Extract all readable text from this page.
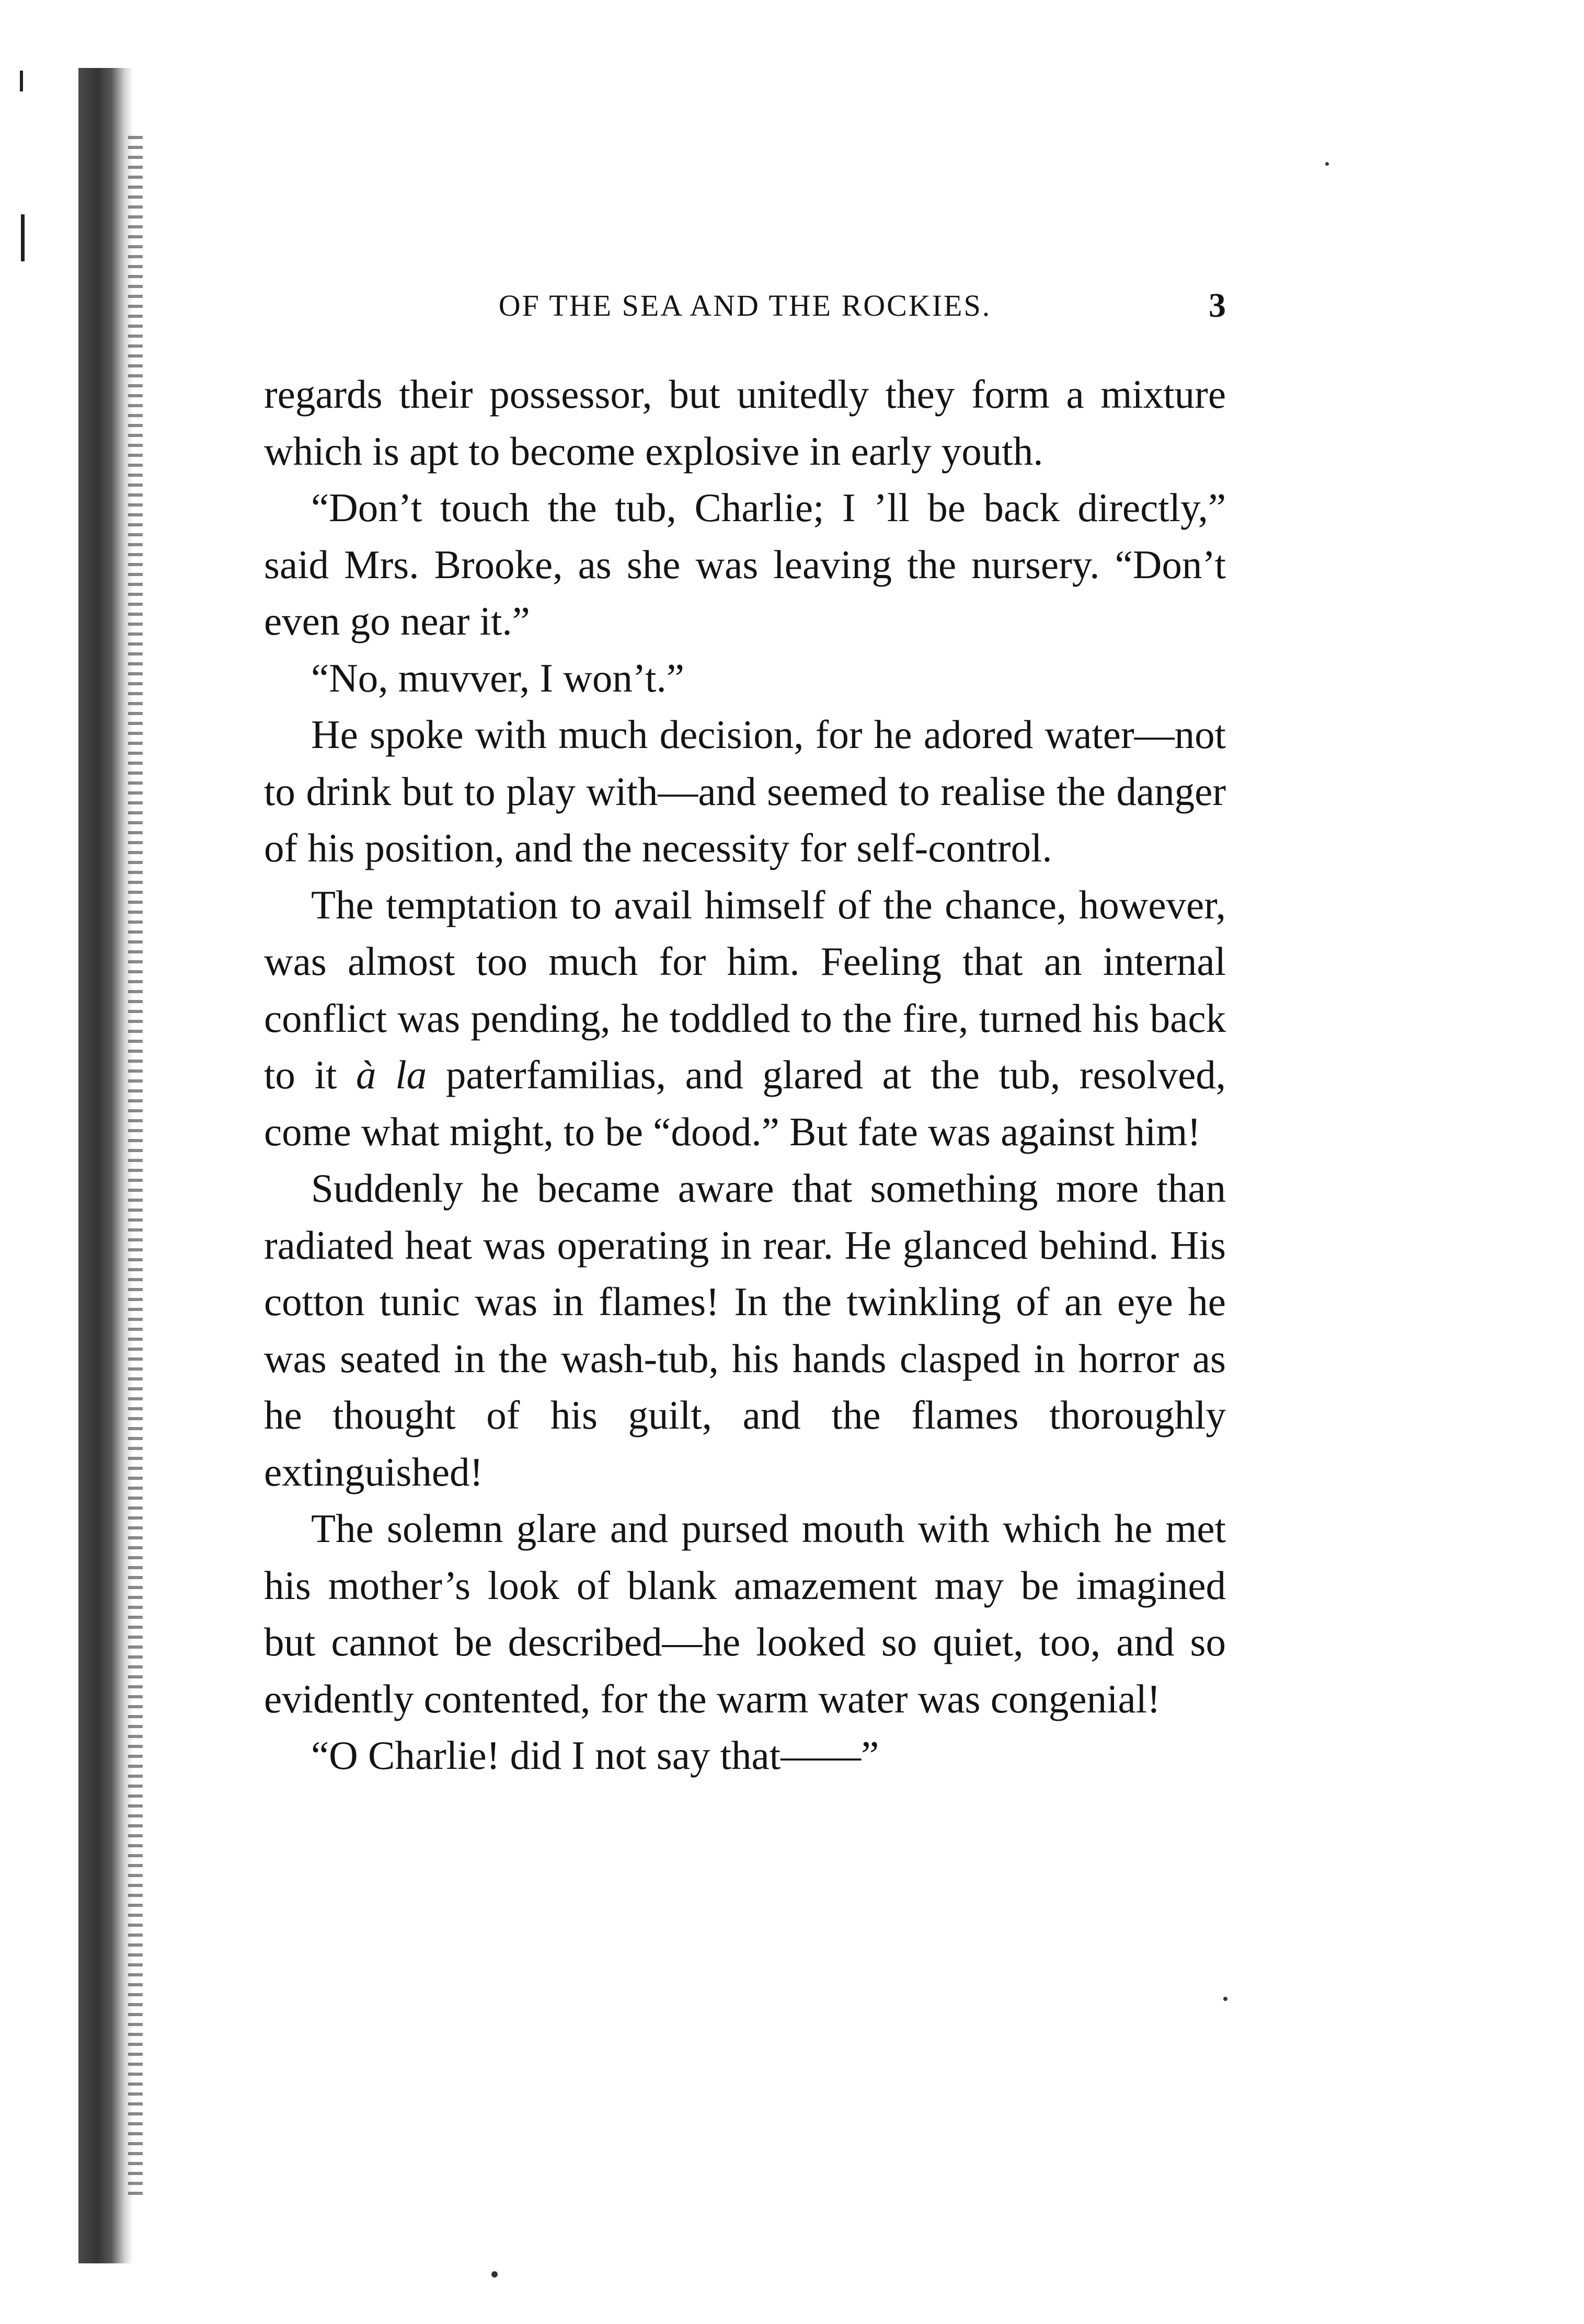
OF THE SEA AND THE ROCKIES.	3

regards their possessor, but unitedly they form a mixture which is apt to become explosive in early youth.

“Don’t touch the tub, Charlie; I ’ll be back directly,” said Mrs. Brooke, as she was leaving the nursery. “Don’t even go near it.”

“No, muvver, I won’t.”

He spoke with much decision, for he adored water—not to drink but to play with—and seemed to realise the danger of his position, and the necessity for self-control.

The temptation to avail himself of the chance, however, was almost too much for him. Feeling that an internal conflict was pending, he toddled to the fire, turned his back to it à la paterfamilias, and glared at the tub, resolved, come what might, to be “dood.” But fate was against him!

Suddenly he became aware that something more than radiated heat was operating in rear. He glanced behind. His cotton tunic was in flames! In the twinkling of an eye he was seated in the wash-tub, his hands clasped in horror as he thought of his guilt, and the flames thoroughly extinguished!

The solemn glare and pursed mouth with which he met his mother’s look of blank amazement may be imagined but cannot be described—he looked so quiet, too, and so evidently contented, for the warm water was congenial!

“O Charlie! did I not say that——”
